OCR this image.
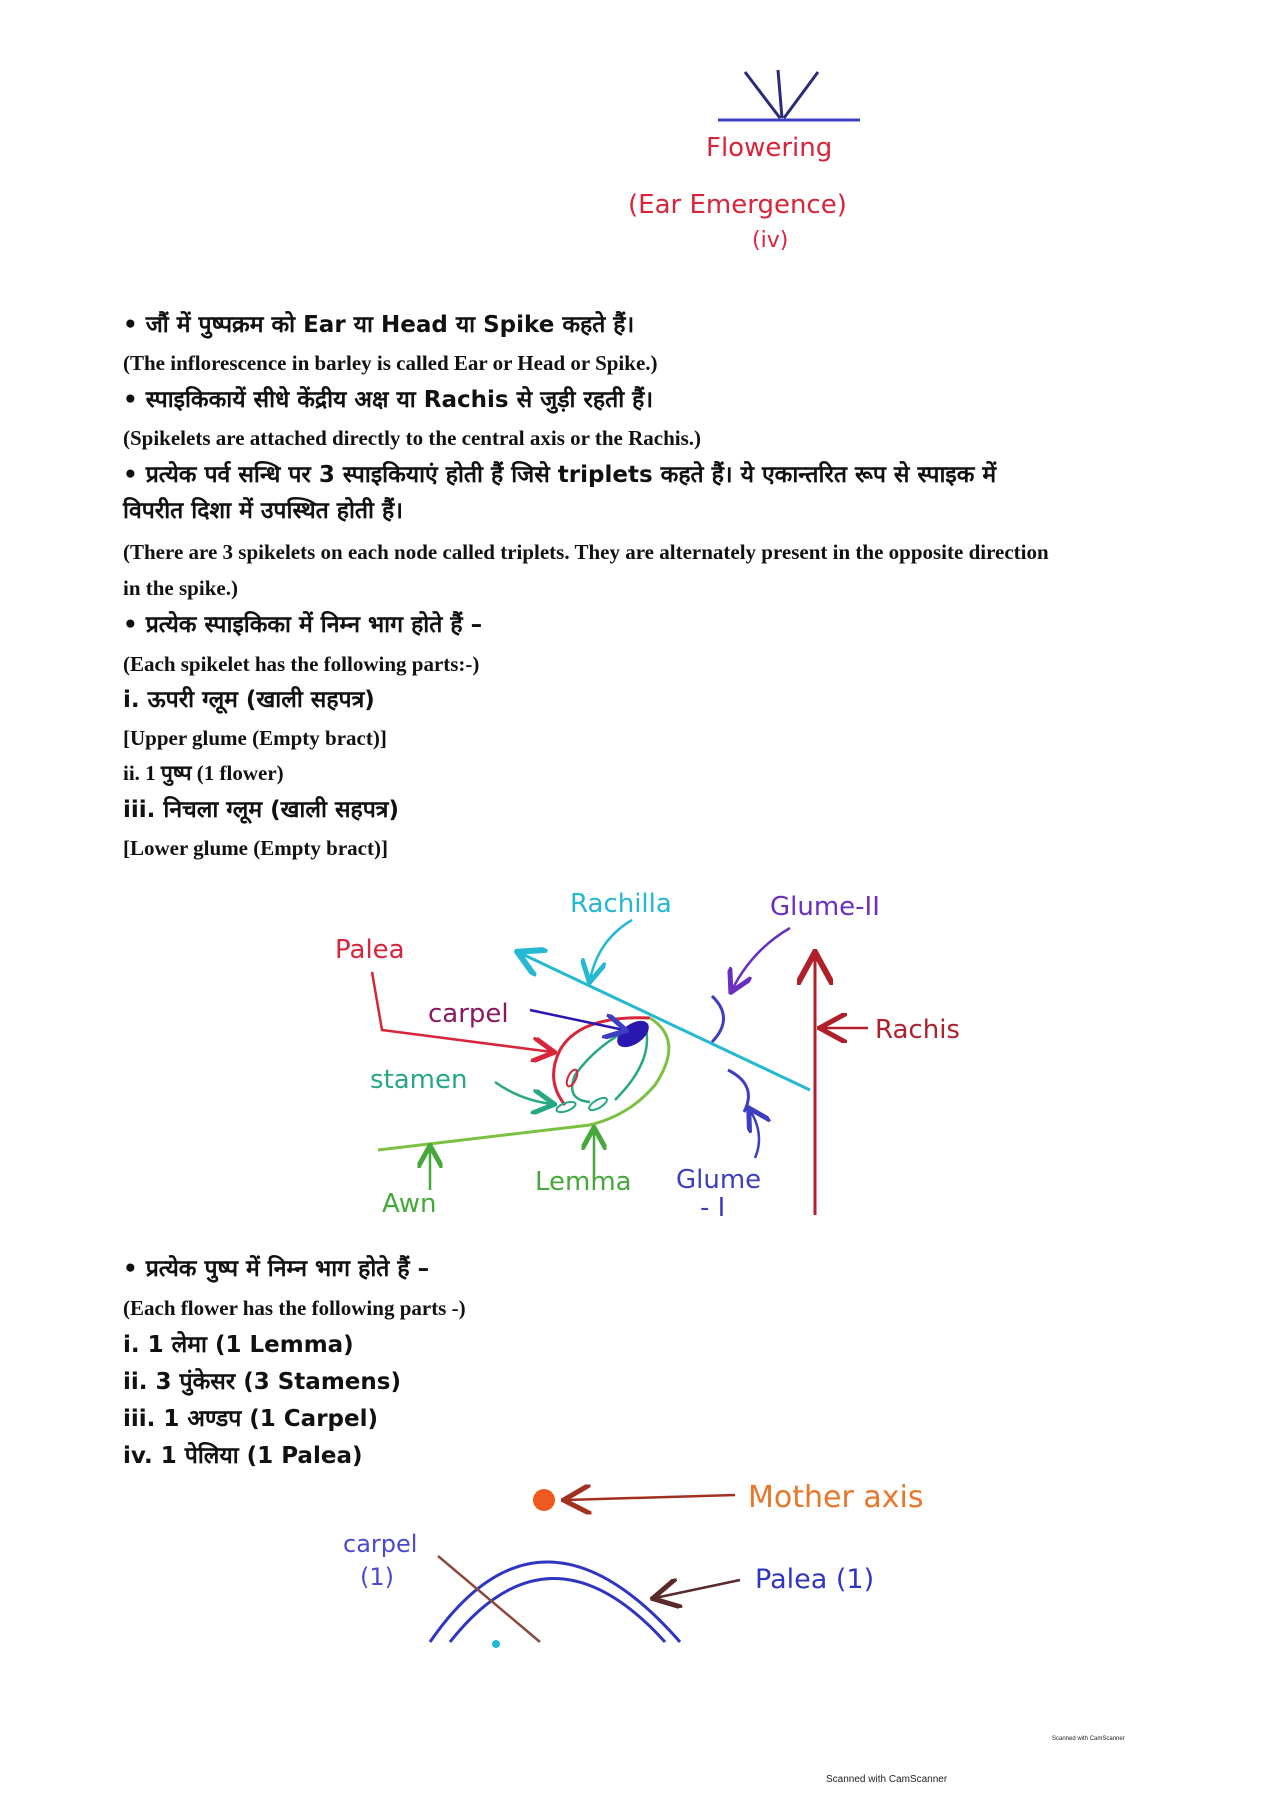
Flowering
(Ear Emergence)
(iv)
• जौं में पुष्पक्रम को Ear या Head या Spike कहते हैं।
(The inflorescence in barley is called Ear or Head or Spike.)
• स्पाइकिकायें सीधे केंद्रीय अक्ष या Rachis से जुड़ी रहती हैं।
(Spikelets are attached directly to the central axis or the Rachis.)
• प्रत्येक पर्व सन्धि पर 3 स्पाइकियाएं होती हैं जिसे triplets कहते हैं। ये एकान्तरित रूप से स्पाइक में
विपरीत दिशा में उपस्थित होती हैं।
(There are 3 spikelets on each node called triplets. They are alternately present in the opposite direction
in the spike.)
• प्रत्येक स्पाइकिका में निम्न भाग होते हैं –
(Each spikelet has the following parts:-)
i. ऊपरी ग्लूम (खाली सहपत्र)
[Upper glume (Empty bract)]
ii. 1 पुष्प (1 flower)
iii. निचला ग्लूम (खाली सहपत्र)
[Lower glume (Empty bract)]
Rachilla	Glume-II
Palea
carpel
Rachis
stamen
Awn
Lemma Glume
- I
• प्रत्येक पुष्प में निम्न भाग होते हैं –
(Each flower has the following parts -)
i. 1 लेमा (1 Lemma)
ii. 3 पुंकेसर (3 Stamens)
iii. 1 अण्डप (1 Carpel)
iv. 1 पेलिया (1 Palea)
Mother axis
carpel
(1)	Palea (1)
Scanned with CamScanner
Scanned with CamScanner
